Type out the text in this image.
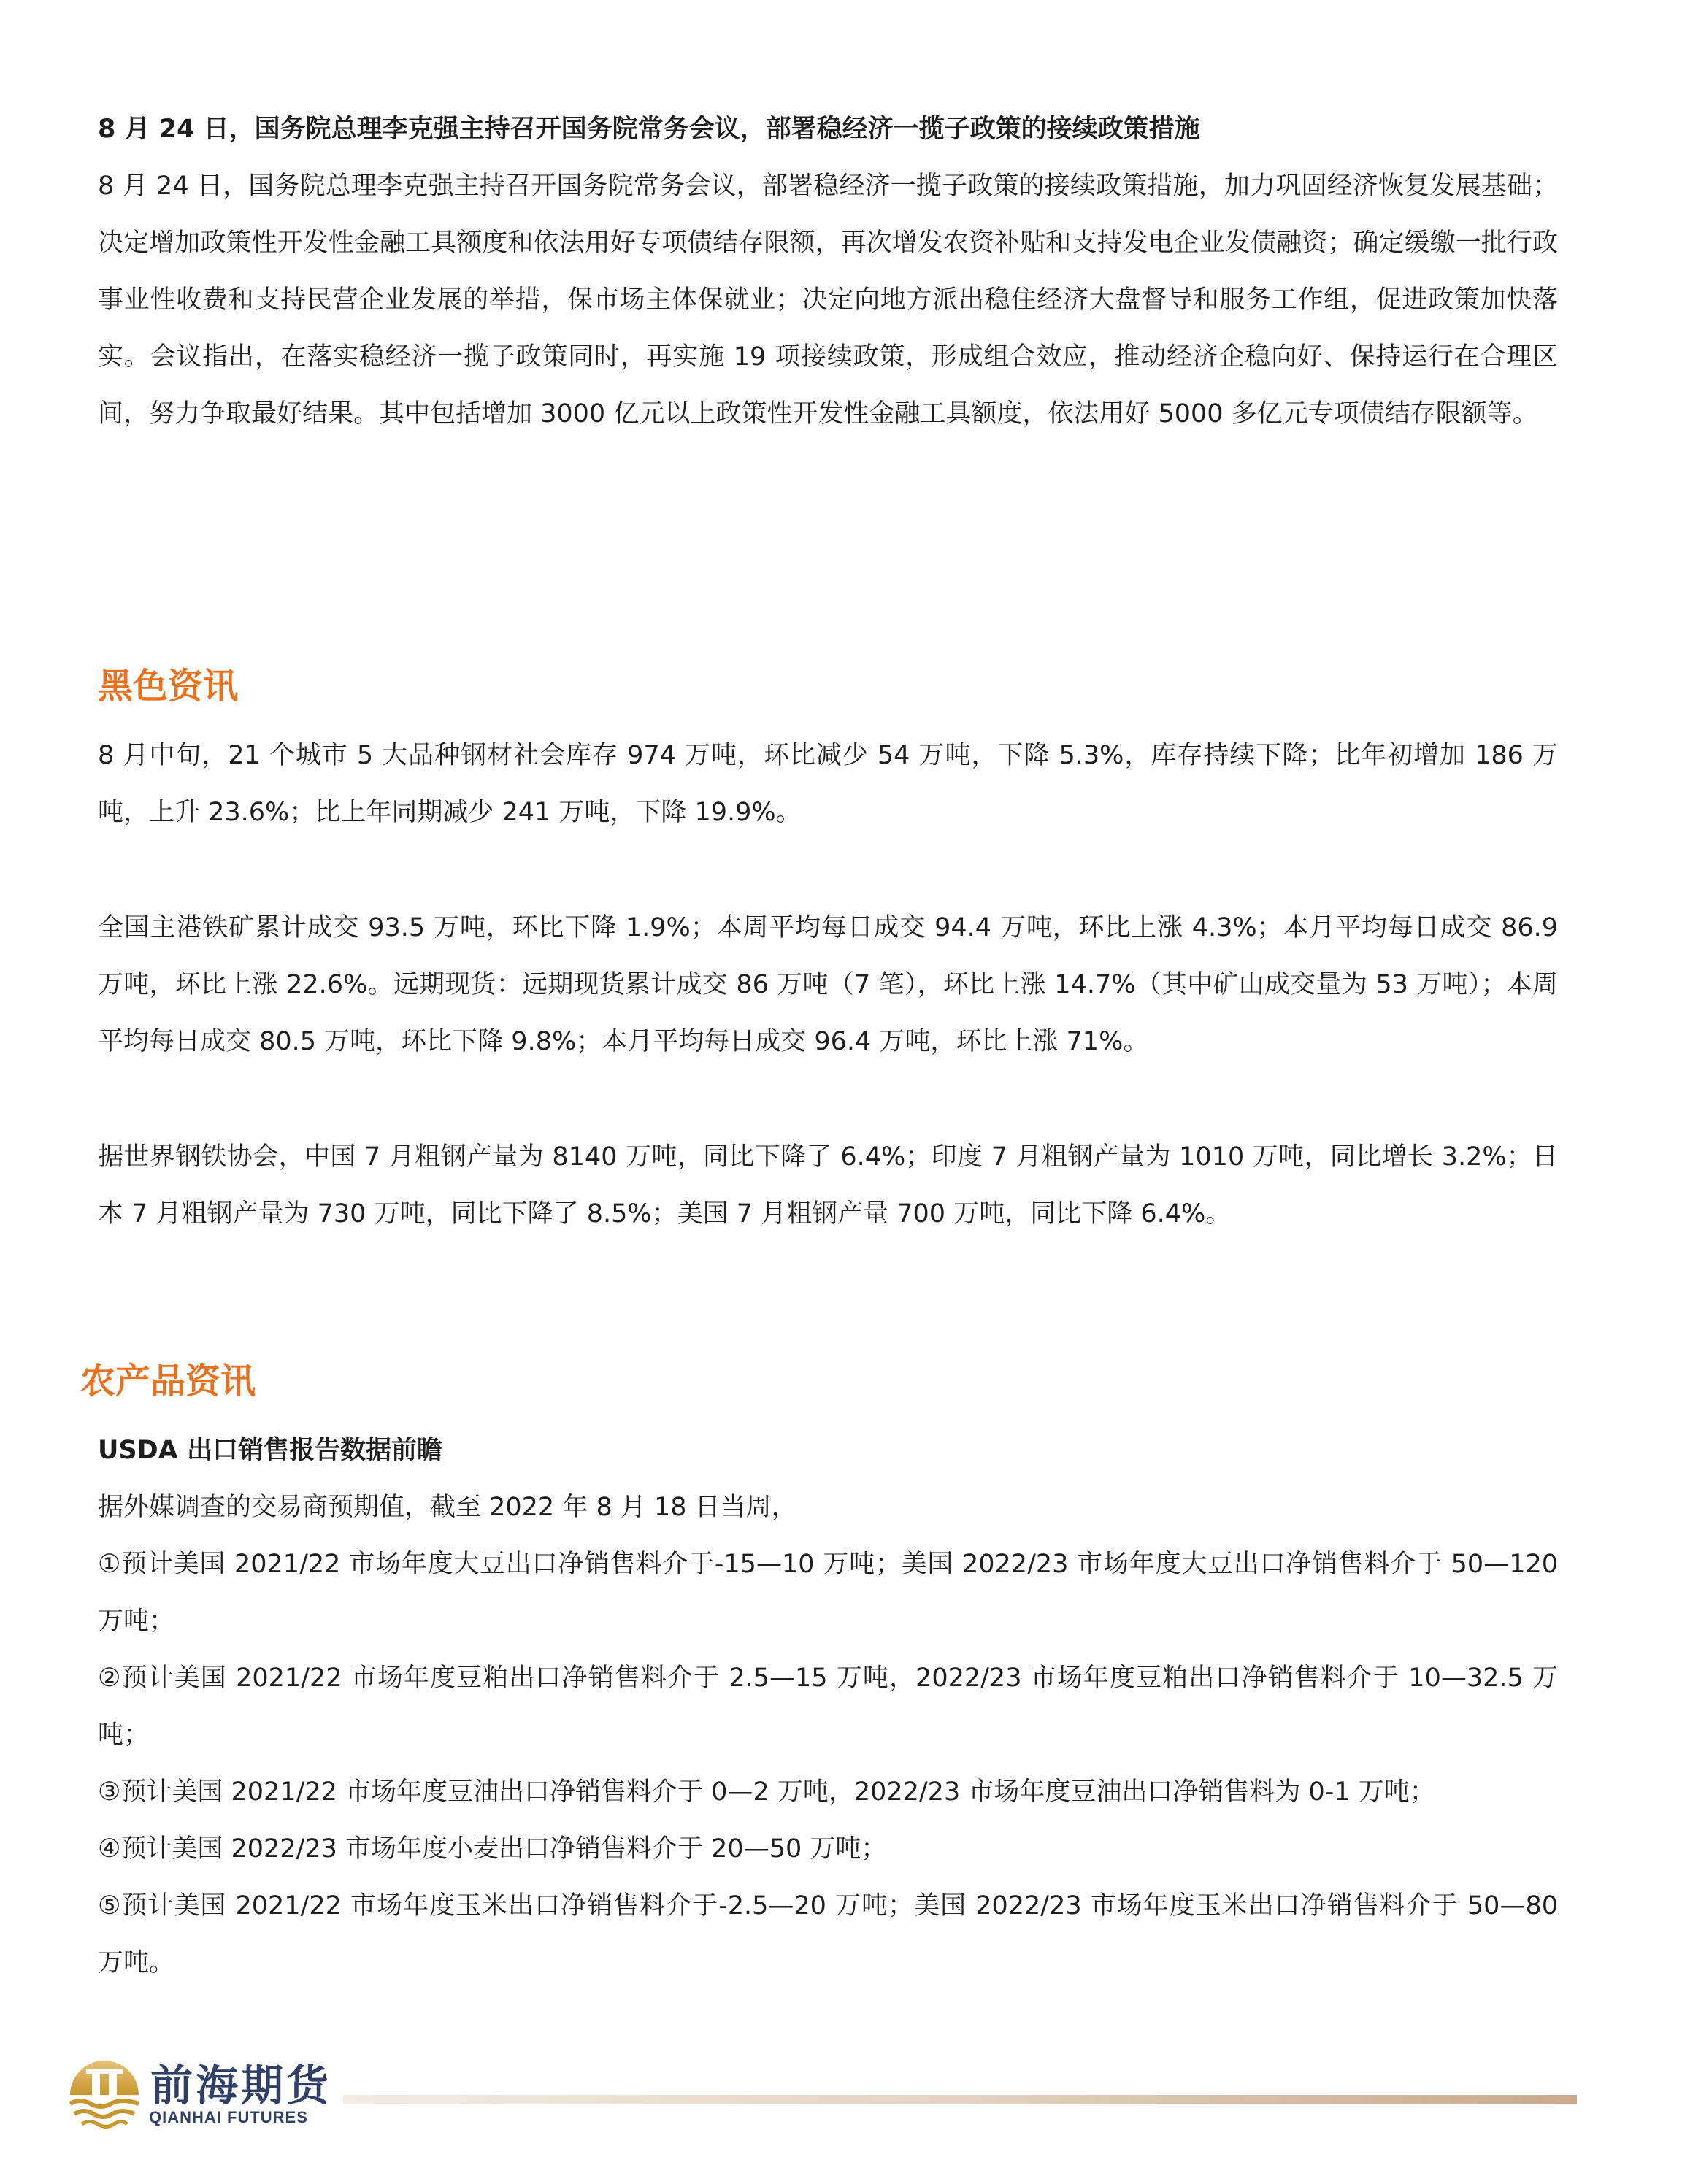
8 月 24 日，国务院总理李克强主持召开国务院常务会议，部署稳经济一揽子政策的接续政策措施

8 月 24 日，国务院总理李克强主持召开国务院常务会议，部署稳经济一揽子政策的接续政策措施，加力巩固经济恢复发展基础；决定增加政策性开发性金融工具额度和依法用好专项债结存限额，再次增发农资补贴和支持发电企业发债融资；确定缓缴一批行政事业性收费和支持民营企业发展的举措，保市场主体保就业；决定向地方派出稳住经济大盘督导和服务工作组，促进政策加快落实。会议指出，在落实稳经济一揽子政策同时，再实施 19 项接续政策，形成组合效应，推动经济企稳向好、保持运行在合理区间，努力争取最好结果。其中包括增加 3000 亿元以上政策性开发性金融工具额度，依法用好 5000 多亿元专项债结存限额等。

黑色资讯

8 月中旬，21 个城市 5 大品种钢材社会库存 974 万吨，环比减少 54 万吨，下降 5.3%，库存持续下降；比年初增加 186 万吨，上升 23.6%；比上年同期减少 241 万吨，下降 19.9%。

全国主港铁矿累计成交 93.5 万吨，环比下降 1.9%；本周平均每日成交 94.4 万吨，环比上涨 4.3%；本月平均每日成交 86.9 万吨，环比上涨 22.6%。远期现货：远期现货累计成交 86 万吨（7 笔），环比上涨 14.7%（其中矿山成交量为 53 万吨）；本周平均每日成交 80.5 万吨，环比下降 9.8%；本月平均每日成交 96.4 万吨，环比上涨 71%。

据世界钢铁协会，中国 7 月粗钢产量为 8140 万吨，同比下降了 6.4%；印度 7 月粗钢产量为 1010 万吨，同比增长 3.2%；日本 7 月粗钢产量为 730 万吨，同比下降了 8.5%；美国 7 月粗钢产量 700 万吨，同比下降 6.4%。

农产品资讯

USDA 出口销售报告数据前瞻

据外媒调查的交易商预期值，截至 2022 年 8 月 18 日当周，

①预计美国 2021/22 市场年度大豆出口净销售料介于-15—10 万吨；美国 2022/23 市场年度大豆出口净销售料介于 50—120 万吨；

②预计美国 2021/22 市场年度豆粕出口净销售料介于 2.5—15 万吨，2022/23 市场年度豆粕出口净销售料介于 10—32.5 万吨；

③预计美国 2021/22 市场年度豆油出口净销售料介于 0—2 万吨，2022/23 市场年度豆油出口净销售料为 0-1 万吨；

④预计美国 2022/23 市场年度小麦出口净销售料介于 20—50 万吨；

⑤预计美国 2021/22 市场年度玉米出口净销售料介于-2.5—20 万吨；美国 2022/23 市场年度玉米出口净销售料介于 50—80 万吨。

前海期货
QIANHAI FUTURES
